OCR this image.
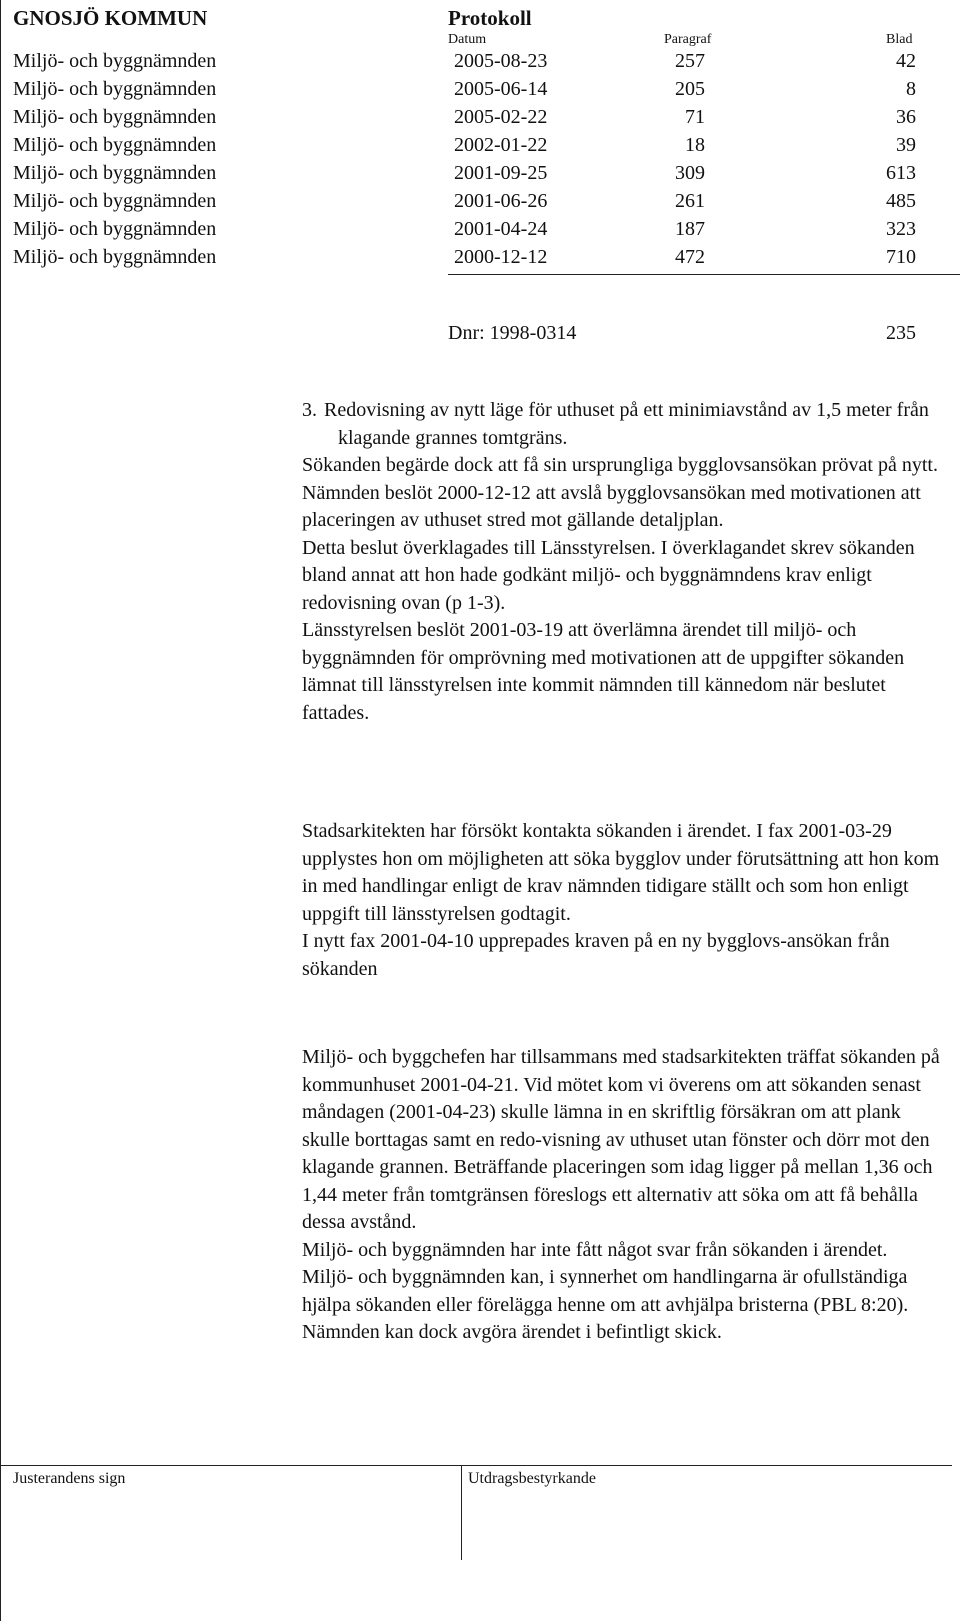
GNOSJÖ KOMMUN	Protokoll
Datum	Paragraf	Blad
Miljö- och byggnämnden	2005-08-23	257	42
Miljö- och byggnämnden	2005-06-14	205	8
Miljö- och byggnämnden	2005-02-22	71	36
Miljö- och byggnämnden	2002-01-22	18	39
Miljö- och byggnämnden	2001-09-25	309	613
Miljö- och byggnämnden	2001-06-26	261	485
Miljö- och byggnämnden	2001-04-24	187	323
Miljö- och byggnämnden	2000-12-12	472	710
Dnr: 1998-0314	235
3. Redovisning av nytt läge för uthuset på ett minimiavstånd av 1,5 meter från klagande grannes tomtgräns.

Sökanden begärde dock att få sin ursprungliga bygglovsansökan prövat på nytt.

Nämnden beslöt 2000-12-12 att avslå bygglovsansökan med motivationen att placeringen av uthuset stred mot gällande detaljplan.

Detta beslut överklagades till Länsstyrelsen. I överklagandet skrev sökanden bland annat att hon hade godkänt miljö- och byggnämndens krav enligt redovisning ovan (p 1-3).

Länsstyrelsen beslöt 2001-03-19 att överlämna ärendet till miljö- och byggnämnden för omprövning med motivationen att de uppgifter sökanden lämnat till länsstyrelsen inte kommit nämnden till kännedom när beslutet fattades.

Stadsarkitekten har försökt kontakta sökanden i ärendet. I fax 2001-03-29 upplystes hon om möjligheten att söka bygglov under förutsättning att hon kom in med handlingar enligt de krav nämnden tidigare ställt och som hon enligt uppgift till länsstyrelsen godtagit.

I nytt fax 2001-04-10 upprepades kraven på en ny bygglovs-ansökan från sökanden

Miljö- och byggchefen har tillsammans med stadsarkitekten träffat sökanden på kommunhuset 2001-04-21. Vid mötet kom vi överens om att sökanden senast måndagen (2001-04-23) skulle lämna in en skriftlig försäkran om att plank skulle borttagas samt en redo-visning av uthuset utan fönster och dörr mot den klagande grannen. Beträffande placeringen som idag ligger på mellan 1,36 och 1,44 meter från tomtgränsen föreslogs ett alternativ att söka om att få behålla dessa avstånd.

Miljö- och byggnämnden har inte fått något svar från sökanden i ärendet.

Miljö- och byggnämnden kan, i synnerhet om handlingarna är ofullständiga hjälpa sökanden eller förelägga henne om att avhjälpa bristerna (PBL 8:20). Nämnden kan dock avgöra ärendet i befintligt skick.

Justerandens sign	Utdragsbestyrkande
